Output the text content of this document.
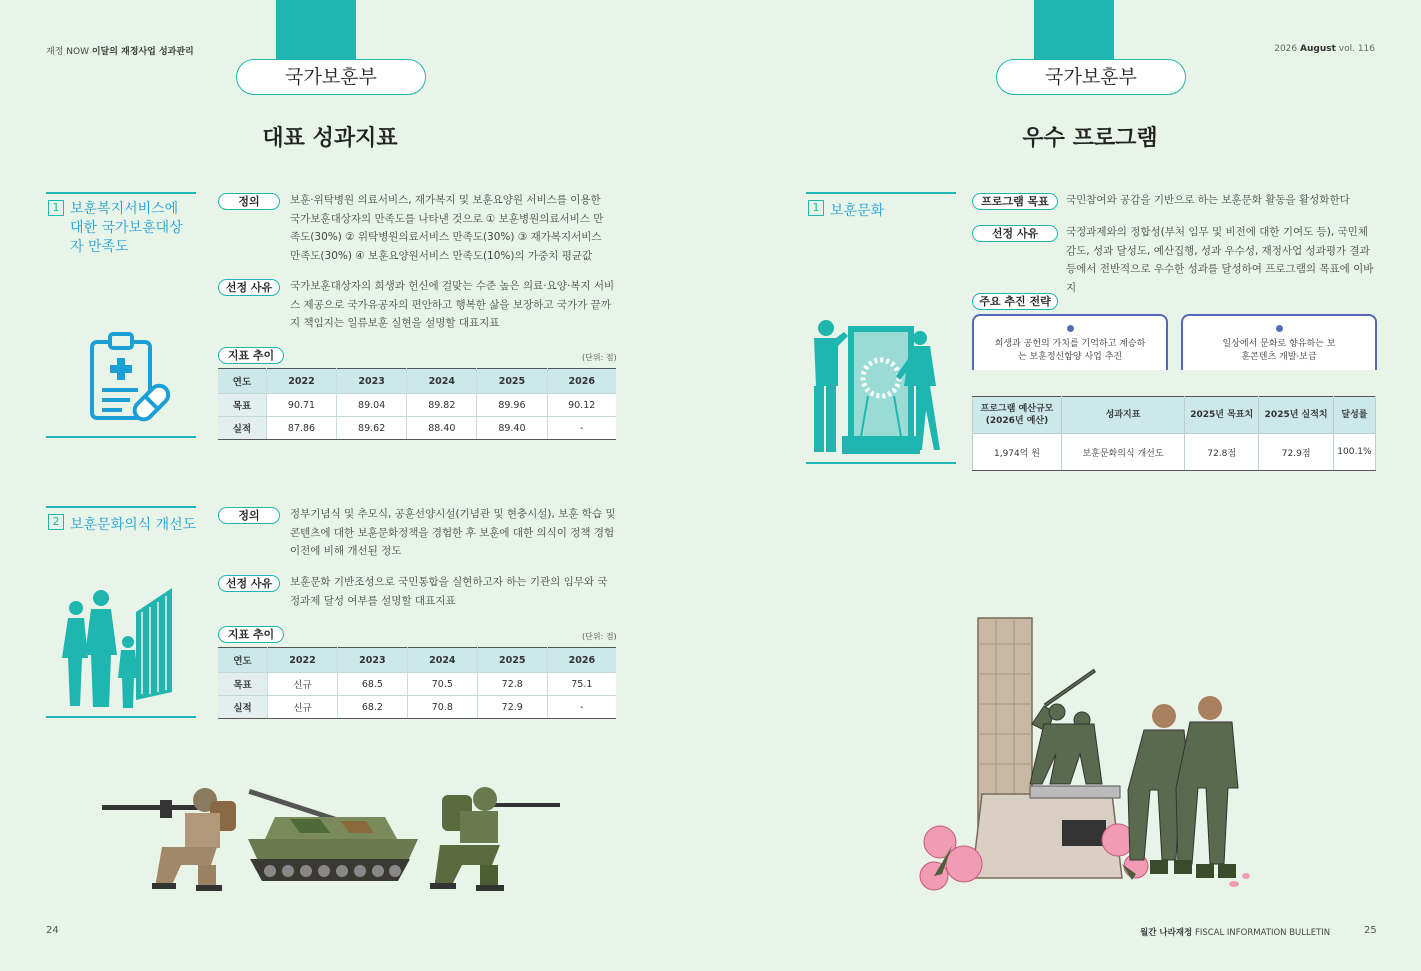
재정 NOW 이달의 재정사업 성과관리	2026 August vol. 116
국가보훈부
대표 성과지표
1 보훈복지서비스에 대한 국가보훈대상자 만족도
정의	보훈·위탁병원 의료서비스, 재가복지 및 보훈요양원 서비스를 이용한 국가보훈대상자의 만족도를 나타낸 것으로 ① 보훈병원의료서비스 만족도(30%) ② 위탁병원의료서비스 만족도(30%) ③ 재가복지서비스 만족도(30%) ④ 보훈요양원서비스 만족도(10%)의 가중치 평균값
선정 사유	국가보훈대상자의 희생과 헌신에 걸맞는 수준 높은 의료·요양·복지 서비스 제공으로 국가유공자의 편안하고 행복한 삶을 보장하고 국가가 끝까지 책임지는 일류보훈 실현을 설명할 대표지표
지표 추이	(단위: 점)
연도	2022	2023	2024	2025	2026
목표	90.71	89.04	89.82	89.96	90.12
실적	87.86	89.62	88.40	89.40	-
2 보훈문화의식 개선도
정의	정부기념식 및 추모식, 공훈선양시설(기념관 및 현충시설), 보훈 학습 및 콘텐츠에 대한 보훈문화정책을 경험한 후 보훈에 대한 의식이 정책 경험이전에 비해 개선된 정도
선정 사유	보훈문화 기반조성으로 국민통합을 실현하고자 하는 기관의 임무와 국정과제 달성 여부를 설명할 대표지표
지표 추이	(단위: 점)
연도	2022	2023	2024	2025	2026
목표	신규	68.5	70.5	72.8	75.1
실적	신규	68.2	70.8	72.9	-
24
국가보훈부
우수 프로그램
1 보훈문화
프로그램 목표	국민참여와 공감을 기반으로 하는 보훈문화 활동을 활성화한다
선정 사유	국정과제와의 정합성(부처 임무 및 비전에 대한 기여도 등), 국민체감도, 성과 달성도, 예산집행, 성과 우수성, 재정사업 성과평가 결과 등에서 전반적으로 우수한 성과를 달성하여 프로그램의 목표에 이바지
주요 추진 전략
희생과 공헌의 가치를 기억하고 계승하는 보훈정신함양 사업 추진
일상에서 문화로 향유하는 보훈콘텐츠 개발·보급
프로그램 예산규모 (2026년 예산)	성과지표	2025년 목표치	2025년 실적치	달성률
1,974억 원	보훈문화의식 개선도	72.8점	72.9점	100.1%
월간 나라재정 FISCAL INFORMATION BULLETIN	25
